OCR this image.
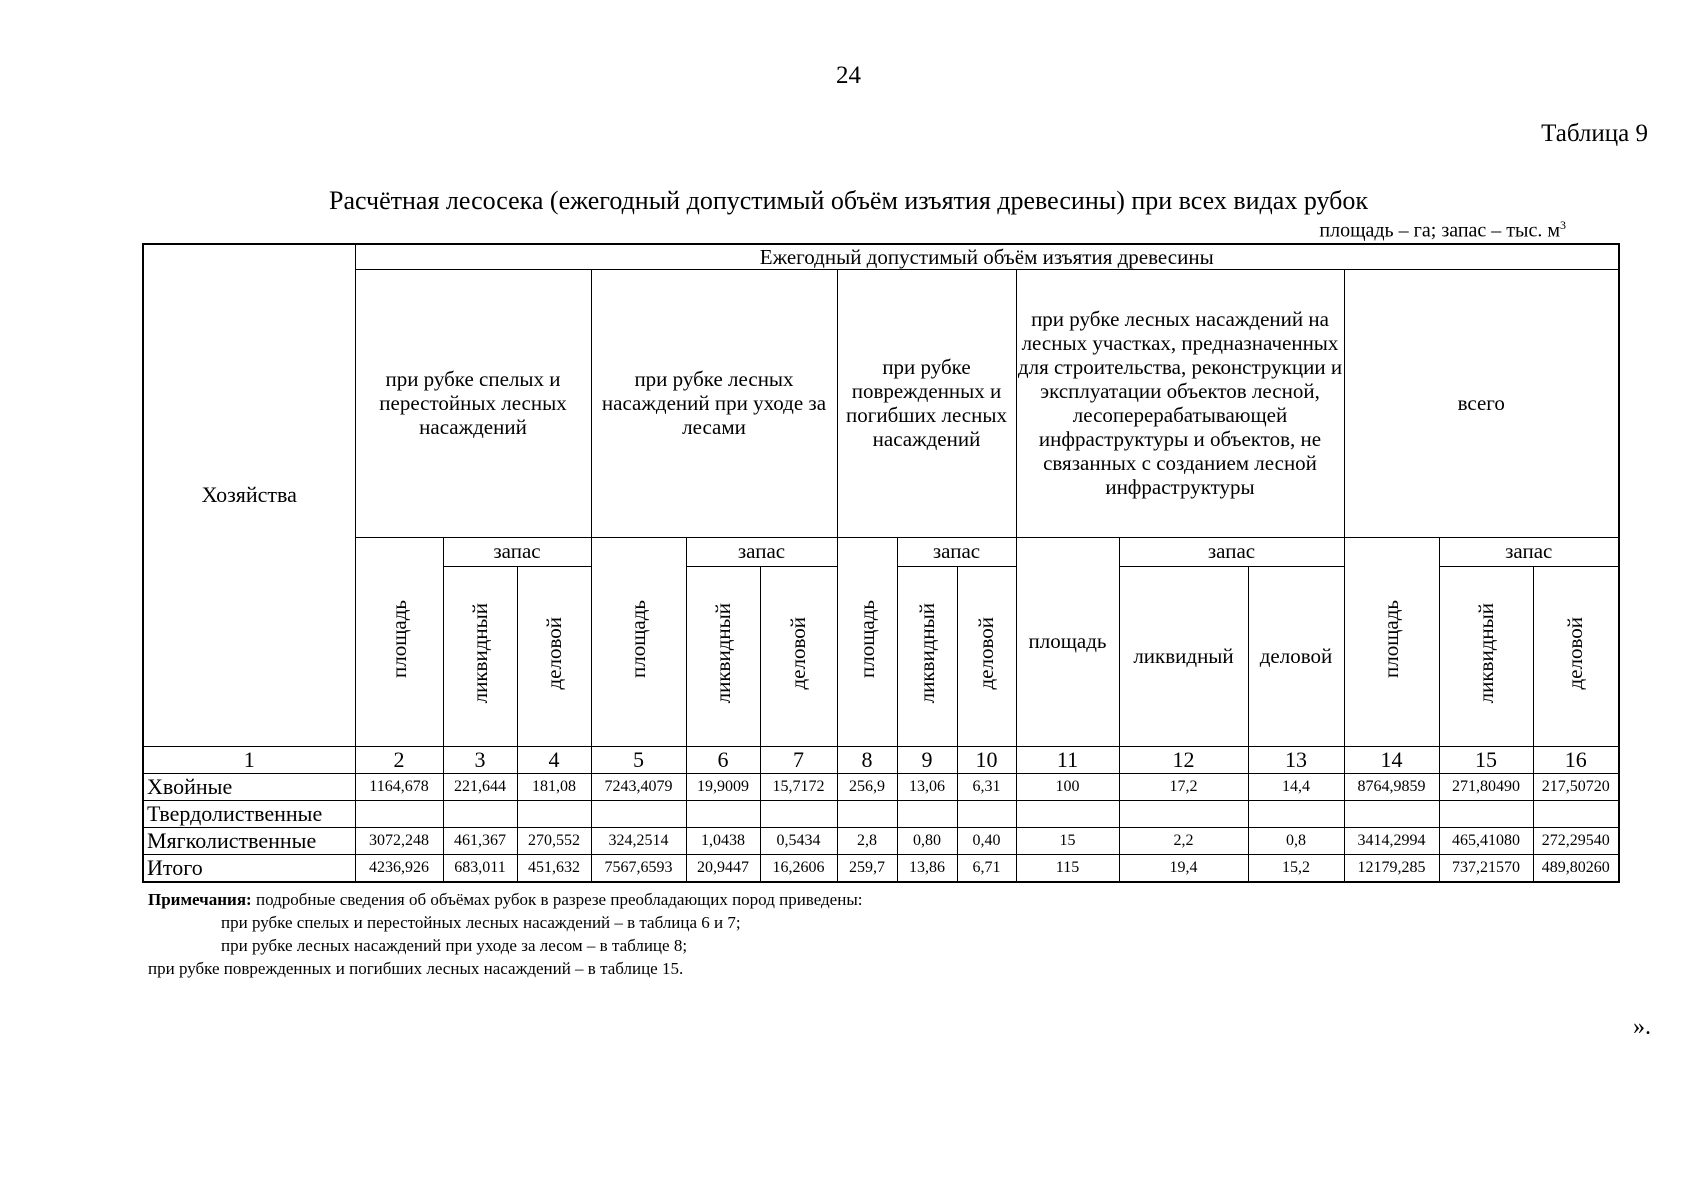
24
Таблица 9
Расчётная лесосека (ежегодный допустимый объём изъятия древесины) при всех видах рубок
площадь – га; запас – тыс. $м^3$
Хозяйства	Ежегодный допустимый объём изъятия древесины														
	при рубке спелых и перестойных лесных насаждений			при рубке лесных насаждений при уходе за лесами			при рубке поврежденных и погибших лесных насаждений			при рубке лесных насаждений на лесных участках, предназначенных для строительства, реконструкции и эксплуатации объектов лесной, лесоперерабатывающей инфраструктуры и объектов, не связанных с созданием лесной инфраструктуры			всего		
	площадь	запас		площадь	запас		площадь	запас		площадь	запас		площадь	запас	
		ликвидный	деловой		ликвидный	деловой		ликвидный	деловой		ликвидный	деловой		ликвидный	деловой
1	2	3	4	5	6	7	8	9	10	11	12	13	14	15	16
Хвойные	1164,678	221,644	181,08	7243,4079	19,9009	15,7172	256,9	13,06	6,31	100	17,2	14,4	8764,9859	271,80490	217,50720
Твердолиственные															
Мягколиственные	3072,248	461,367	270,552	324,2514	1,0438	0,5434	2,8	0,80	0,40	15	2,2	0,8	3414,2994	465,41080	272,29540
Итого	4236,926	683,011	451,632	7567,6593	20,9447	16,2606	259,7	13,86	6,71	115	19,4	15,2	12179,285	737,21570	489,80260
Примечания: подробные сведения об объёмах рубок в разрезе преобладающих пород приведены:
при рубке спелых и перестойных лесных насаждений – в таблица 6 и 7;
при рубке лесных насаждений при уходе за лесом – в таблице 8;
при рубке поврежденных и погибших лесных насаждений – в таблице 15.
».
